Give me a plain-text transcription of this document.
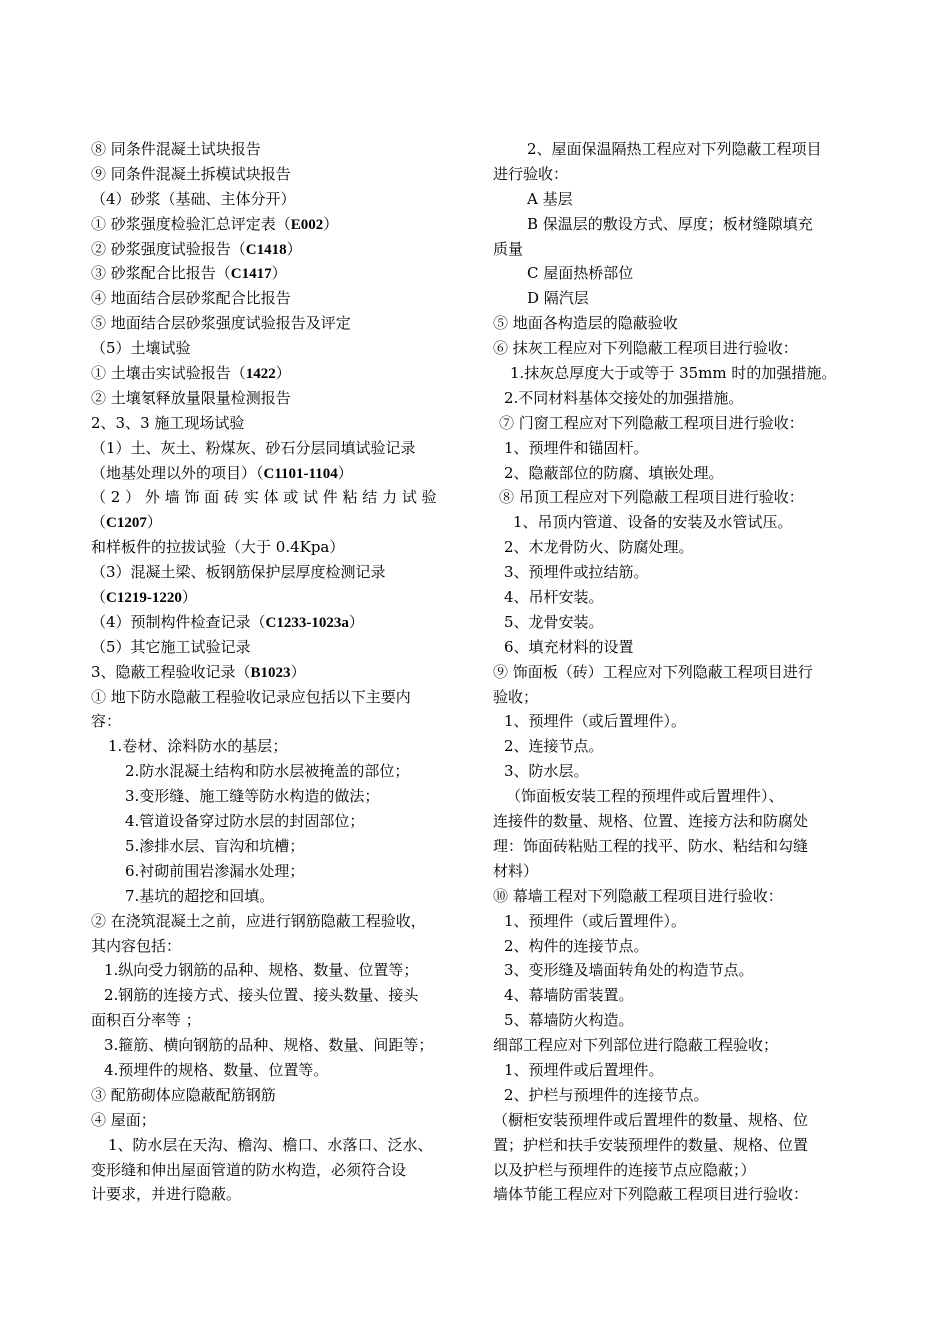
⑧ 同条件混凝土试块报告
⑨ 同条件混凝土拆模试块报告
（4）砂浆（基础、主体分开）
① 砂浆强度检验汇总评定表（E002）
② 砂浆强度试验报告（C1418）
③ 砂浆配合比报告（C1417）
④ 地面结合层砂浆配合比报告
⑤ 地面结合层砂浆强度试验报告及评定
（5）土壤试验
① 土壤击实试验报告（1422）
② 土壤氡释放量限量检测报告
2、3、3 施工现场试验
（1）土、灰土、粉煤灰、砂石分层同填试验记录
（地基处理以外的项目）（C1101-1104）
（ 2 ） 外 墙 饰 面 砖 实 体 或 试 件 粘 结 力 试 验
（C1207）
和样板件的拉拔试验（大于 0.4Kpa）
（3）混凝土梁、板钢筋保护层厚度检测记录
（C1219-1220）
（4）预制构件检查记录（C1233-1023a）
（5）其它施工试验记录
3、隐蔽工程验收记录（B1023）
① 地下防水隐蔽工程验收记录应包括以下主要内
容：
1.卷材、涂料防水的基层；
2.防水混凝土结构和防水层被掩盖的部位；
3.变形缝、施工缝等防水构造的做法；
4.管道设备穿过防水层的封固部位；
5.渗排水层、盲沟和坑槽；
6.衬砌前围岩渗漏水处理；
7.基坑的超挖和回填。
② 在浇筑混凝土之前，应进行钢筋隐蔽工程验收，
其内容包括：
1.纵向受力钢筋的品种、规格、数量、位置等；
2.钢筋的连接方式、接头位置、接头数量、接头
面积百分率等 ；
3.箍筋、横向钢筋的品种、规格、数量、间距等；
4.预埋件的规格、数量、位置等。
③ 配筋砌体应隐蔽配筋钢筋
④ 屋面；
1、防水层在天沟、檐沟、檐口、水落口、泛水、
变形缝和伸出屋面管道的防水构造，必须符合设
计要求，并进行隐蔽。
2、屋面保温隔热工程应对下列隐蔽工程项目
进行验收：
A 基层
B 保温层的敷设方式、厚度；板材缝隙填充
质量
C 屋面热桥部位
D 隔汽层
⑤ 地面各构造层的隐蔽验收
⑥ 抹灰工程应对下列隐蔽工程项目进行验收：
1.抹灰总厚度大于或等于 35mm 时的加强措施。
2.不同材料基体交接处的加强措施。
⑦ 门窗工程应对下列隐蔽工程项目进行验收：
1、预埋件和锚固杆。
2、隐蔽部位的防腐、填嵌处理。
⑧ 吊顶工程应对下列隐蔽工程项目进行验收：
1、吊顶内管道、设备的安装及水管试压。
2、木龙骨防火、防腐处理。
3、预埋件或拉结筋。
4、吊杆安装。
5、龙骨安装。
6、填充材料的设置
⑨ 饰面板（砖）工程应对下列隐蔽工程项目进行
验收；
1、预埋件（或后置埋件）。
2、连接节点。
3、防水层。
（饰面板安装工程的预埋件或后置埋件）、
连接件的数量、规格、位置、连接方法和防腐处
理：饰面砖粘贴工程的找平、防水、粘结和勾缝
材料）
⑩ 幕墙工程对下列隐蔽工程项目进行验收：
1、预埋件（或后置埋件）。
2、构件的连接节点。
3、变形缝及墙面转角处的构造节点。
4、幕墙防雷装置。
5、幕墙防火构造。
细部工程应对下列部位进行隐蔽工程验收；
1、预埋件或后置埋件。
2、护栏与预埋件的连接节点。
（橱柜安装预埋件或后置埋件的数量、规格、位
置；护栏和扶手安装预埋件的数量、规格、位置
以及护栏与预埋件的连接节点应隐蔽；）
墙体节能工程应对下列隐蔽工程项目进行验收：
